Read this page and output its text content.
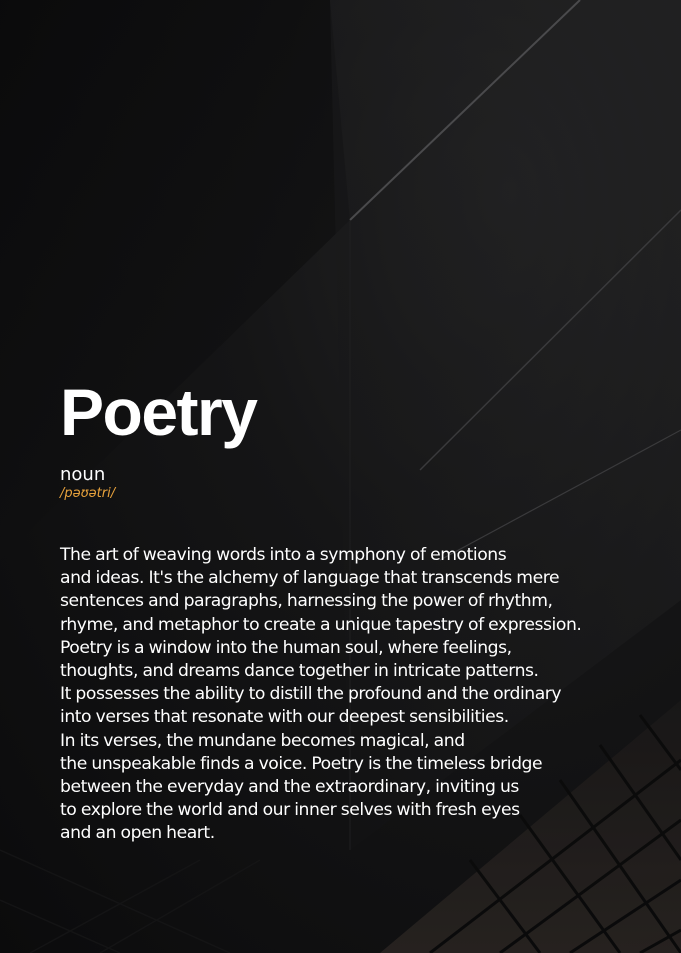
Poetry
noun
/pəʊətri/
The art of weaving words into a symphony of emotions
and ideas. It's the alchemy of language that transcends mere
sentences and paragraphs, harnessing the power of rhythm,
rhyme, and metaphor to create a unique tapestry of expression.
Poetry is a window into the human soul, where feelings,
thoughts, and dreams dance together in intricate patterns.
It possesses the ability to distill the profound and the ordinary
into verses that resonate with our deepest sensibilities.
In its verses, the mundane becomes magical, and
the unspeakable finds a voice. Poetry is the timeless bridge
between the everyday and the extraordinary, inviting us
to explore the world and our inner selves with fresh eyes
and an open heart.
